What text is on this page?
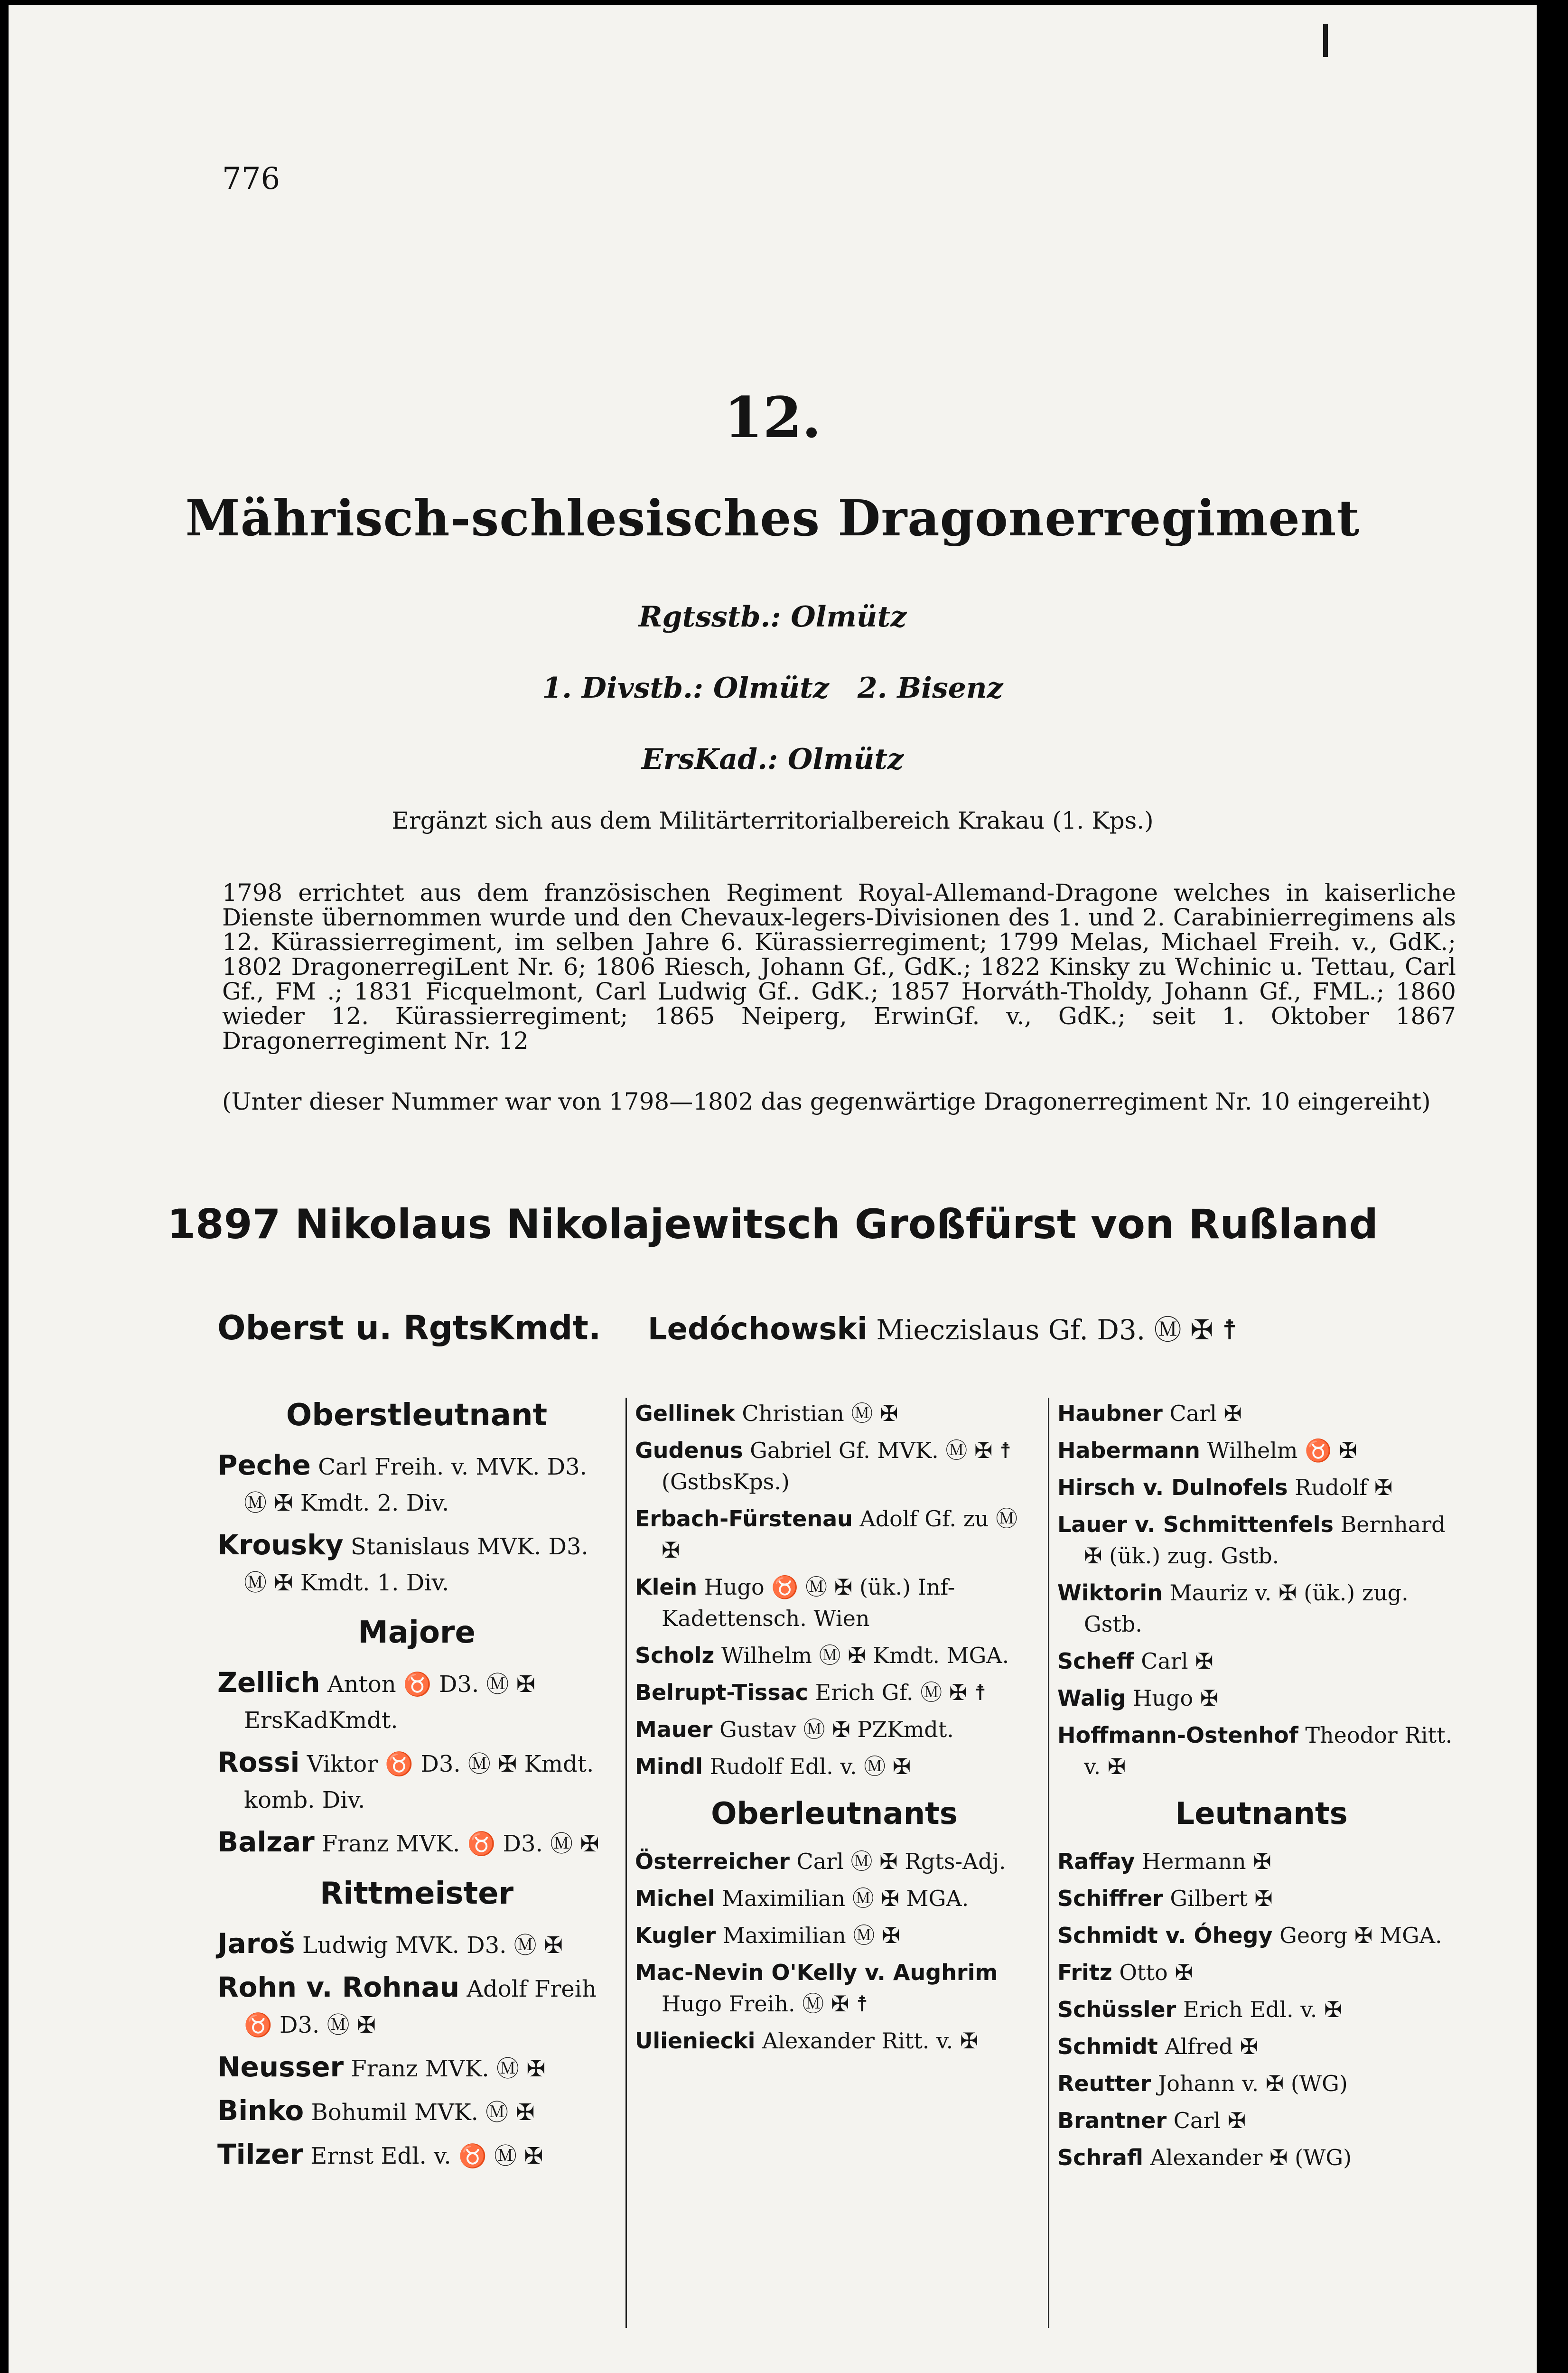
776
12.
Mährisch-schlesisches Dragonerregiment
Rgtsstb.: Olmütz
1. Divstb.: Olmütz 2. Bisenz
ErsKad.: Olmütz
Ergänzt sich aus dem Militärterritorialbereich Krakau (1. Kps.)
1798 errichtet aus dem französischen Regiment Royal-Allemand-Dragone welches in kaiserliche Dienste übernommen wurde und den Chevaux-legers-Divisionen des 1. und 2. Carabinierregimens als 12. Kürassierregiment, im selben Jahre 6. Kürassierregiment; 1799 Melas, Michael Freih. v., GdK.; 1802 DragonerregiLent Nr. 6; 1806 Riesch, Johann Gf., GdK.; 1822 Kinsky zu Wchinic u. Tettau, Carl Gf., FM .; 1831 Ficquelmont, Carl Ludwig Gf.. GdK.; 1857 Horváth-Tholdy, Johann Gf., FML.; 1860 wieder 12. Kürassierregiment; 1865 Neiperg, ErwinGf. v., GdK.; seit 1. Oktober 1867 Dragonerregiment Nr. 12
(Unter dieser Nummer war von 1798—1802 das gegenwärtige Dragonerregiment Nr. 10 eingereiht)
1897 Nikolaus Nikolajewitsch Großfürst von Rußland
Oberst u. RgtsKmdt. Ledóchowski Mieczislaus Gf. D3. Ⓜ ✠ ☨
Oberstleutnant
Peche Carl Freih. v. MVK. D3. Ⓜ ✠ Kmdt. 2. Div.
Krousky Stanislaus MVK. D3. Ⓜ ✠ Kmdt. 1. Div.
Majore
Zellich Anton ♉ D3. Ⓜ ✠ ErsKadKmdt.
Rossi Viktor ♉ D3. Ⓜ ✠ Kmdt. komb. Div.
Balzar Franz MVK. ♉ D3. Ⓜ ✠
Rittmeister
Jaroš Ludwig MVK. D3. Ⓜ ✠
Rohn v. Rohnau Adolf Freih ♉ D3. Ⓜ ✠
Neusser Franz MVK. Ⓜ ✠
Binko Bohumil MVK. Ⓜ ✠
Tilzer Ernst Edl. v. ♉ Ⓜ ✠
Gellinek Christian Ⓜ ✠
Gudenus Gabriel Gf. MVK. Ⓜ ✠ ☨ (GstbsKps.)
Erbach-Fürstenau Adolf Gf. zu Ⓜ ✠
Klein Hugo ♉ Ⓜ ✠ (ük.) Inf-Kadettensch. Wien
Scholz Wilhelm Ⓜ ✠ Kmdt. MGA.
Belrupt-Tissac Erich Gf. Ⓜ ✠ ☨
Mauer Gustav Ⓜ ✠ PZKmdt.
Mindl Rudolf Edl. v. Ⓜ ✠
Oberleutnants
Österreicher Carl Ⓜ ✠ Rgts-Adj.
Michel Maximilian Ⓜ ✠ MGA.
Kugler Maximilian Ⓜ ✠
Mac-Nevin O'Kelly v. Aughrim Hugo Freih. Ⓜ ✠ ☨
Ulieniecki Alexander Ritt. v. ✠
Haubner Carl ✠
Habermann Wilhelm ♉ ✠
Hirsch v. Dulnofels Rudolf ✠
Lauer v. Schmittenfels Bernhard ✠ (ük.) zug. Gstb.
Wiktorin Mauriz v. ✠ (ük.) zug. Gstb.
Scheff Carl ✠
Walig Hugo ✠
Hoffmann-Ostenhof Theodor Ritt. v. ✠
Leutnants
Raffay Hermann ✠
Schiffrer Gilbert ✠
Schmidt v. Óhegy Georg ✠ MGA.
Fritz Otto ✠
Schüssler Erich Edl. v. ✠
Schmidt Alfred ✠
Reutter Johann v. ✠ (WG)
Brantner Carl ✠
Schrafl Alexander ✠ (WG)
